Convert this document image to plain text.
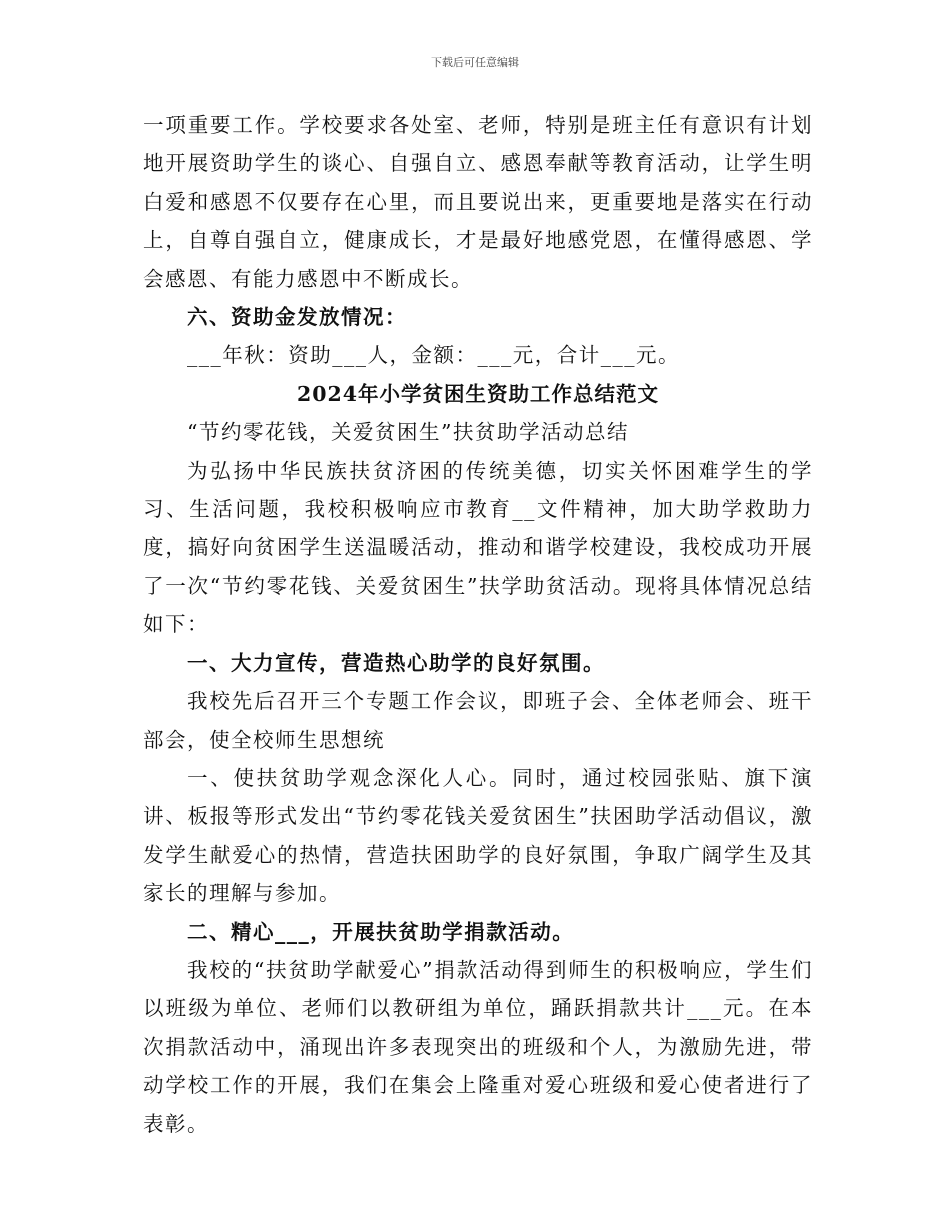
下载后可任意编辑

一项重要工作。学校要求各处室、老师，特别是班主任有意识有计划地开展资助学生的谈心、自强自立、感恩奉献等教育活动，让学生明白爱和感恩不仅要存在心里，而且要说出来，更重要地是落实在行动上，自尊自强自立，健康成长，才是最好地感党恩，在懂得感恩、学会感恩、有能力感恩中不断成长。

六、资助金发放情况：

___年秋：资助___人，金额：___元，合计___元。

2024年小学贫困生资助工作总结范文

“节约零花钱，关爱贫困生”扶贫助学活动总结

为弘扬中华民族扶贫济困的传统美德，切实关怀困难学生的学习、生活问题，我校积极响应市教育__文件精神，加大助学救助力度，搞好向贫困学生送温暖活动，推动和谐学校建设，我校成功开展了一次“节约零花钱、关爱贫困生”扶学助贫活动。现将具体情况总结如下：

一、大力宣传，营造热心助学的良好氛围。

我校先后召开三个专题工作会议，即班子会、全体老师会、班干部会，使全校师生思想统

一、使扶贫助学观念深化人心。同时，通过校园张贴、旗下演讲、板报等形式发出“节约零花钱关爱贫困生”扶困助学活动倡议，激发学生献爱心的热情，营造扶困助学的良好氛围，争取广阔学生及其家长的理解与参加。

二、精心___，开展扶贫助学捐款活动。

我校的“扶贫助学献爱心”捐款活动得到师生的积极响应，学生们以班级为单位、老师们以教研组为单位，踊跃捐款共计___元。在本次捐款活动中，涌现出许多表现突出的班级和个人，为激励先进，带动学校工作的开展，我们在集会上隆重对爱心班级和爱心使者进行了表彰。
